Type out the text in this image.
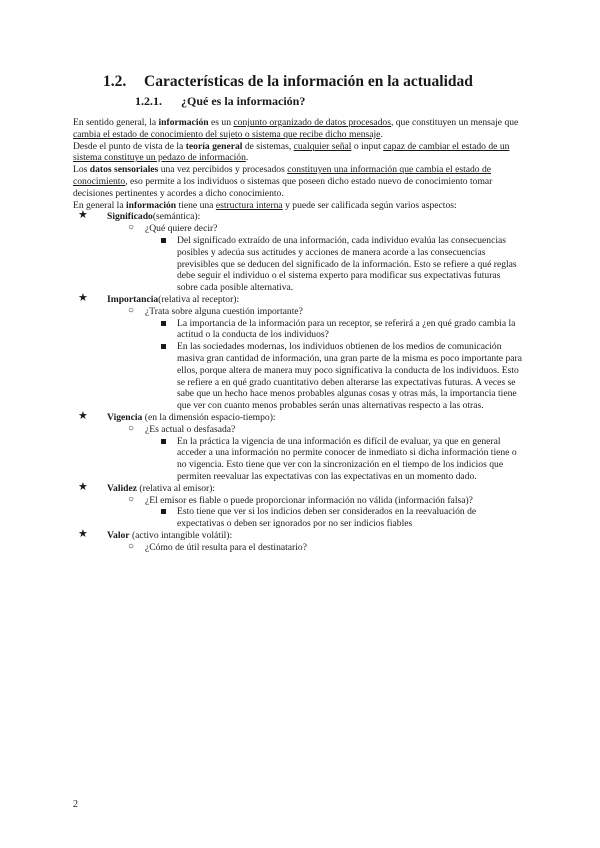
1.2. Características de la información en la actualidad
1.2.1. ¿Qué es la información?

En sentido general, la información es un conjunto organizado de datos procesados, que constituyen un mensaje que cambia el estado de conocimiento del sujeto o sistema que recibe dicho mensaje.

Desde el punto de vista de la teoría general de sistemas, cualquier señal o input capaz de cambiar el estado de un sistema constituye un pedazo de información.

Los datos sensoriales una vez percibidos y procesados constituyen una información que cambia el estado de conocimiento, eso permite a los individuos o sistemas que poseen dicho estado nuevo de conocimiento tomar decisiones pertinentes y acordes a dicho conocimiento.

En general la información tiene una estructura interna y puede ser calificada según varios aspectos:

★ Significado(semántica):
○ ¿Qué quiere decir?
Del significado extraído de una información, cada individuo evalúa las consecuencias posibles y adecúa sus actitudes y acciones de manera acorde a las consecuencias previsibles que se deducen del significado de la información. Esto se refiere a qué reglas debe seguir el individuo o el sistema experto para modificar sus expectativas futuras sobre cada posible alternativa.
★ Importancia(relativa al receptor):
○ ¿Trata sobre alguna cuestión importante?
La importancia de la información para un receptor, se referirá a ¿en qué grado cambia la actitud o la conducta de los individuos?
En las sociedades modernas, los individuos obtienen de los medios de comunicación masiva gran cantidad de información, una gran parte de la misma es poco importante para ellos, porque altera de manera muy poco significativa la conducta de los individuos. Esto se refiere a en qué grado cuantitativo deben alterarse las expectativas futuras. A veces se sabe que un hecho hace menos probables algunas cosas y otras más, la importancia tiene que ver con cuanto menos probables serán unas alternativas respecto a las otras.
★ Vigencia (en la dimensión espacio-tiempo):
○ ¿Es actual o desfasada?
En la práctica la vigencia de una información es difícil de evaluar, ya que en general acceder a una información no permite conocer de inmediato si dicha información tiene o no vigencia. Esto tiene que ver con la sincronización en el tiempo de los indicios que permiten reevaluar las expectativas con las expectativas en un momento dado.
★ Validez (relativa al emisor):
○ ¿El emisor es fiable o puede proporcionar información no válida (información falsa)?
Esto tiene que ver si los indicios deben ser considerados en la reevaluación de expectativas o deben ser ignorados por no ser indicios fiables
★ Valor (activo intangible volátil):
○ ¿Cómo de útil resulta para el destinatario?
2
